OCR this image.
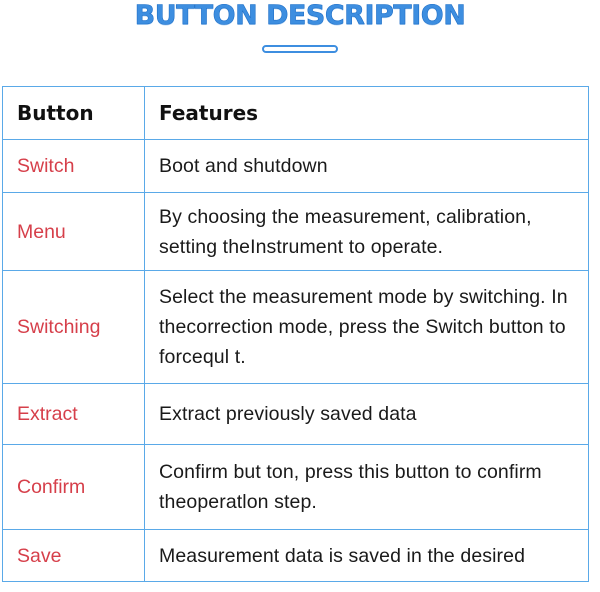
BUTTON DESCRIPTION
Button	Features
Switch	Boot and shutdown
Menu	By choosing the measurement, calibration, setting theInstrument to operate.
Switching	Select the measurement mode by switching. In thecorrection mode, press the Switch button to forcequl t.
Extract	Extract previously saved data
Confirm	Confirm but ton, press this button to confirm theoperatlon step.
Save	Measurement data is saved in the desired
